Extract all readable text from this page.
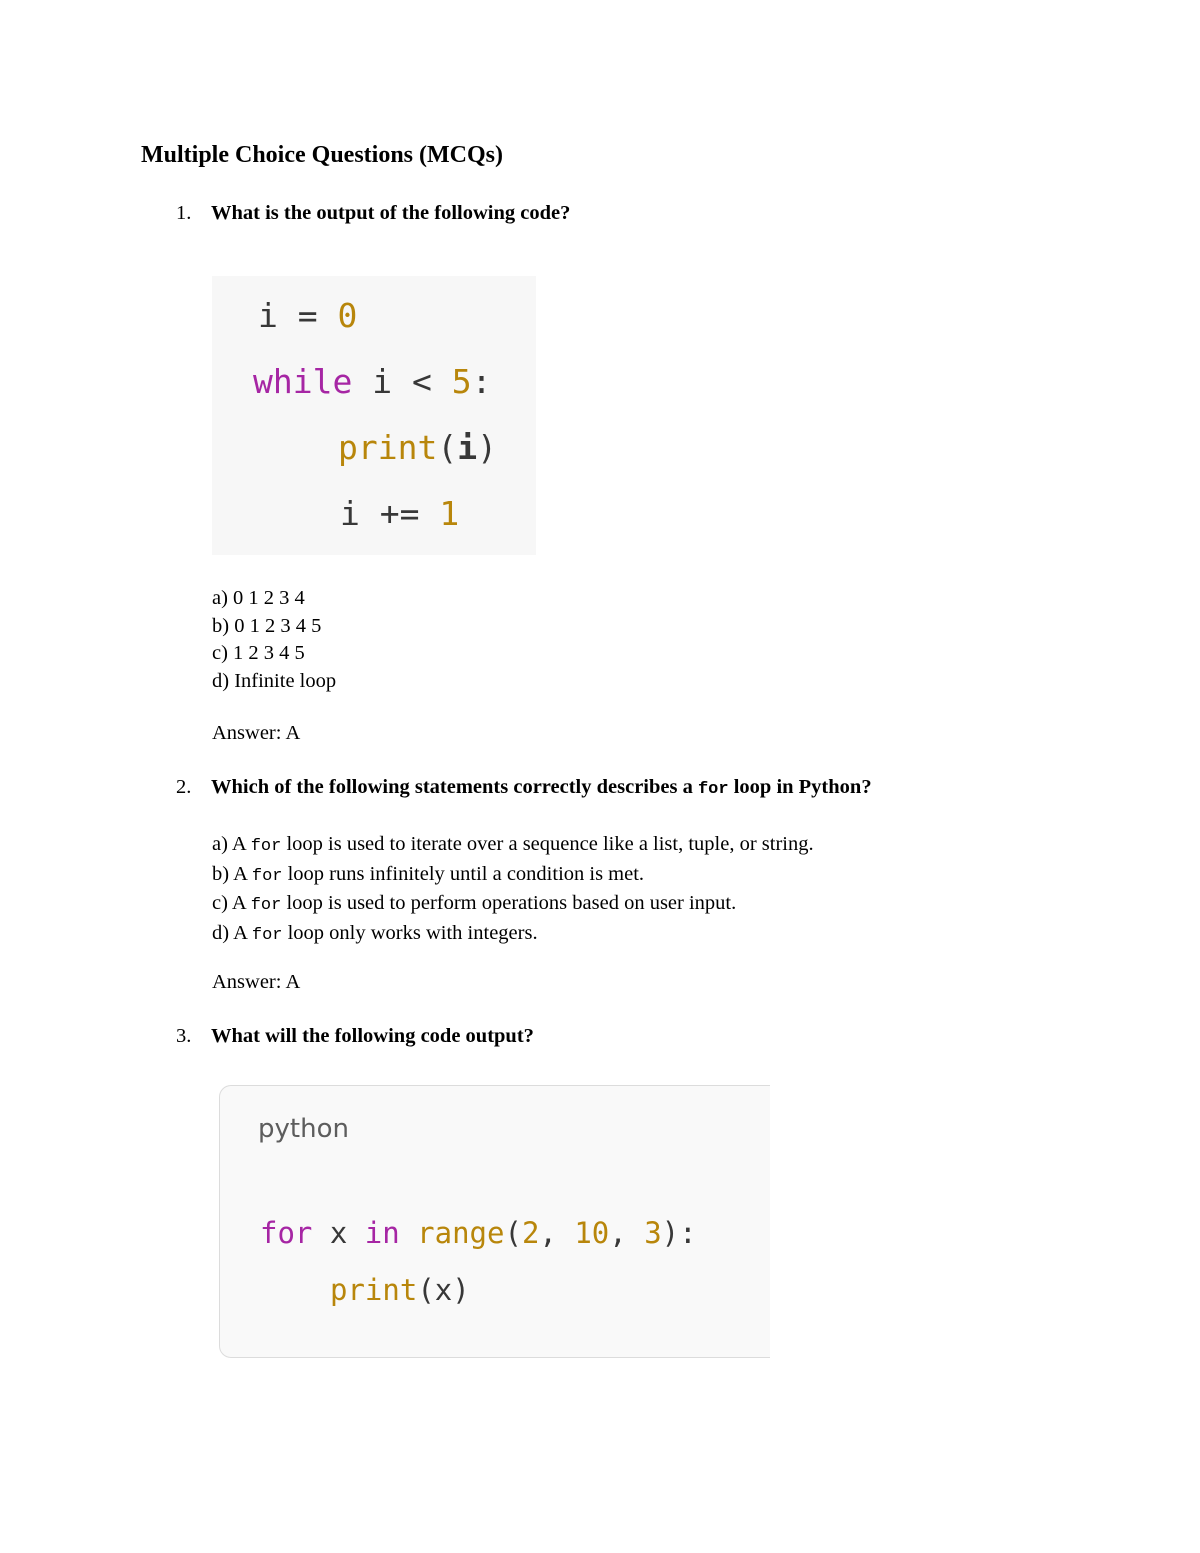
Multiple Choice Questions (MCQs)
1. What is the output of the following code?
i = 0
while i < 5:
print(i)
i += 1
a) 0 1 2 3 4
b) 0 1 2 3 4 5
c) 1 2 3 4 5
d) Infinite loop
Answer: A
2. Which of the following statements correctly describes a for loop in Python?
a) A for loop is used to iterate over a sequence like a list, tuple, or string.
b) A for loop runs infinitely until a condition is met.
c) A for loop is used to perform operations based on user input.
d) A for loop only works with integers.
Answer: A
3. What will the following code output?
python
for x in range(2, 10, 3):
print(x)
